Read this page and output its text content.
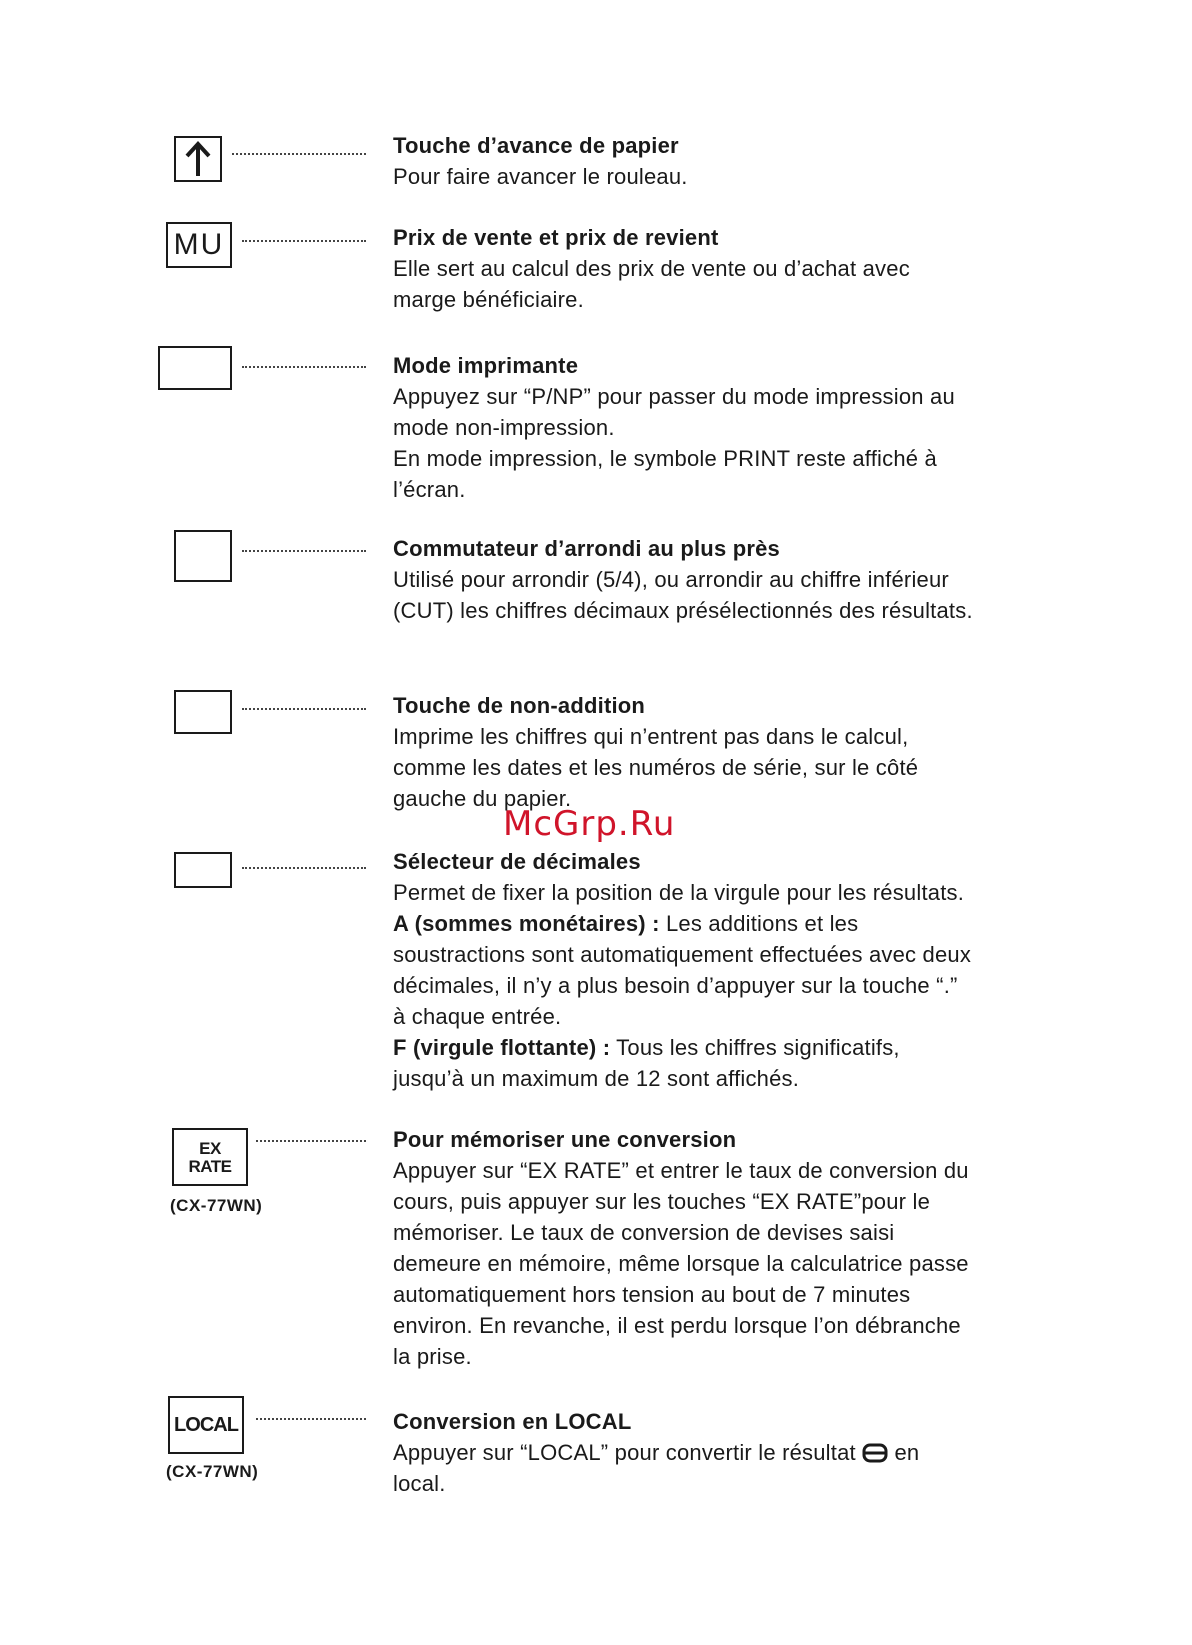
McGrp.Ru
Touche d’avance de papier

Pour faire avancer le rouleau.

MU	Prix de vente et prix de revient

Elle sert au calcul des prix de vente ou d’achat avec marge bénéficiaire.

Mode imprimante

Appuyez sur “P/NP” pour passer du mode impression au mode non-impression.

En mode impression, le symbole PRINT reste affiché à l’écran.

Commutateur d’arrondi au plus près

Utilisé pour arrondir (5/4), ou arrondir au chiffre inférieur (CUT) les chiffres décimaux présélectionnés des résultats.

Touche de non-addition

Imprime les chiffres qui n’entrent pas dans le calcul, comme les dates et les numéros de série, sur le côté gauche du papier.

Sélecteur de décimales

Permet de fixer la position de la virgule pour les résultats.

A (sommes monétaires) : Les additions et les soustractions sont automatiquement effectuées avec deux décimales, il n’y a plus besoin d’appuyer sur la touche “.” à chaque entrée.

F (virgule flottante) : Tous les chiffres significatifs, jusqu’à un maximum de 12 sont affichés.

EX
RATE
(CX-77WN)
Pour mémoriser une conversion

Appuyer sur “EX RATE” et entrer le taux de conversion du cours, puis appuyer sur les touches “EX RATE”pour le mémoriser. Le taux de conversion de devises saisi demeure en mémoire, même lorsque la calculatrice passe automatiquement hors tension au bout de 7 minutes environ. En revanche, il est perdu lorsque l’on débranche la prise.

LOCAL
(CX-77WN)
Conversion en LOCAL

Appuyer sur “LOCAL” pour convertir le résultat  en local.
